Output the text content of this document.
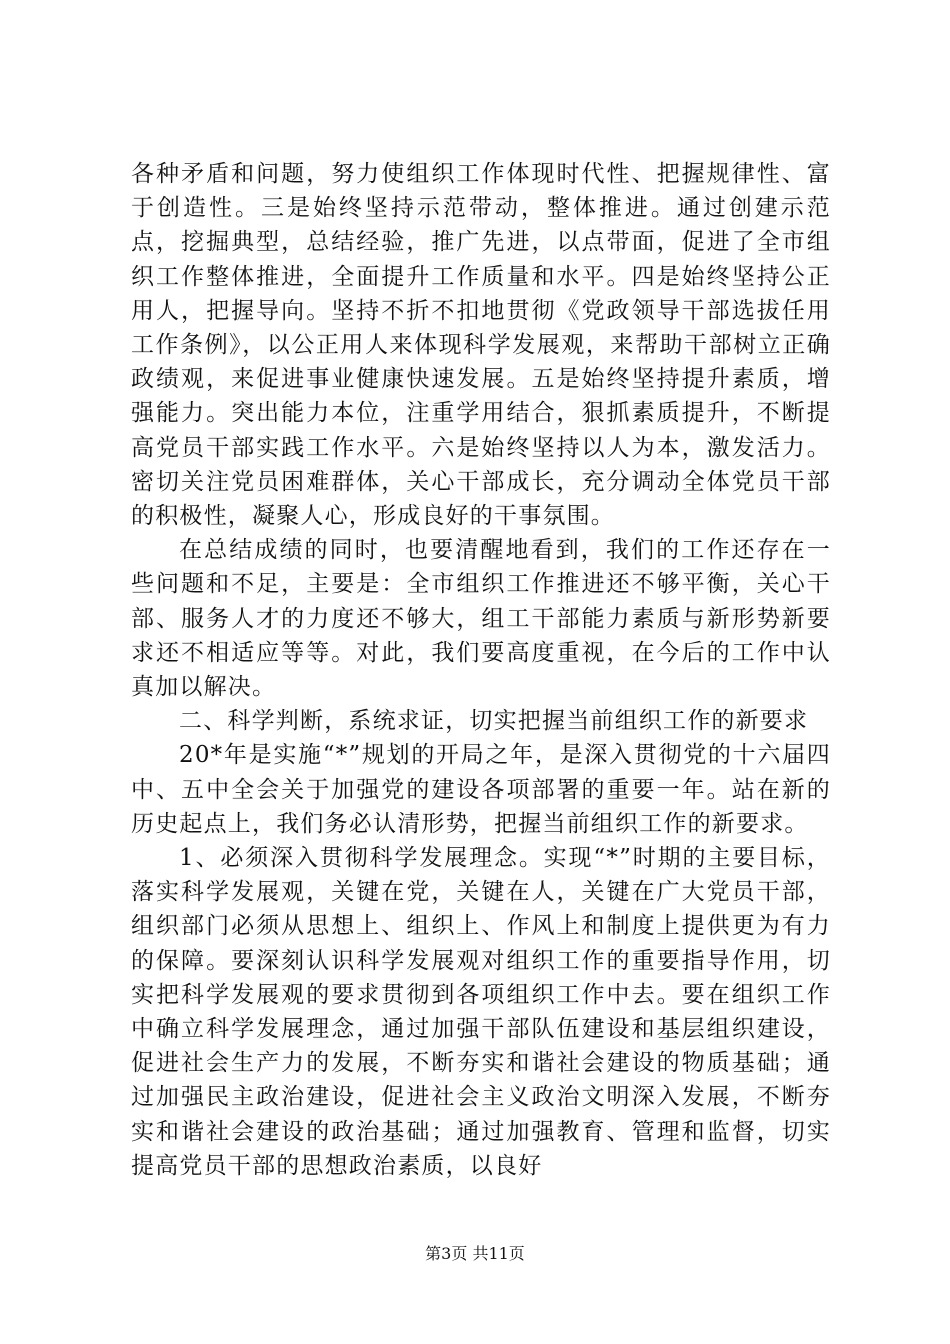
各种矛盾和问题，努力使组织工作体现时代性、把握规律性、富于创造性。三是始终坚持示范带动，整体推进。通过创建示范点，挖掘典型，总结经验，推广先进，以点带面，促进了全市组织工作整体推进，全面提升工作质量和水平。四是始终坚持公正用人，把握导向。坚持不折不扣地贯彻《党政领导干部选拔任用工作条例》，以公正用人来体现科学发展观，来帮助干部树立正确政绩观，来促进事业健康快速发展。五是始终坚持提升素质，增强能力。突出能力本位，注重学用结合，狠抓素质提升，不断提高党员干部实践工作水平。六是始终坚持以人为本，激发活力。密切关注党员困难群体，关心干部成长，充分调动全体党员干部的积极性，凝聚人心，形成良好的干事氛围。

在总结成绩的同时，也要清醒地看到，我们的工作还存在一些问题和不足，主要是：全市组织工作推进还不够平衡，关心干部、服务人才的力度还不够大，组工干部能力素质与新形势新要求还不相适应等等。对此，我们要高度重视，在今后的工作中认真加以解决。

二、科学判断，系统求证，切实把握当前组织工作的新要求

20*年是实施“*”规划的开局之年，是深入贯彻党的十六届四中、五中全会关于加强党的建设各项部署的重要一年。站在新的历史起点上，我们务必认清形势，把握当前组织工作的新要求。

1、必须深入贯彻科学发展理念。实现“*”时期的主要目标，落实科学发展观，关键在党，关键在人，关键在广大党员干部，组织部门必须从思想上、组织上、作风上和制度上提供更为有力的保障。要深刻认识科学发展观对组织工作的重要指导作用，切实把科学发展观的要求贯彻到各项组织工作中去。要在组织工作中确立科学发展理念，通过加强干部队伍建设和基层组织建设，促进社会生产力的发展，不断夯实和谐社会建设的物质基础；通过加强民主政治建设，促进社会主义政治文明深入发展，不断夯实和谐社会建设的政治基础；通过加强教育、管理和监督，切实提高党员干部的思想政治素质，以良好

第3页 共11页
